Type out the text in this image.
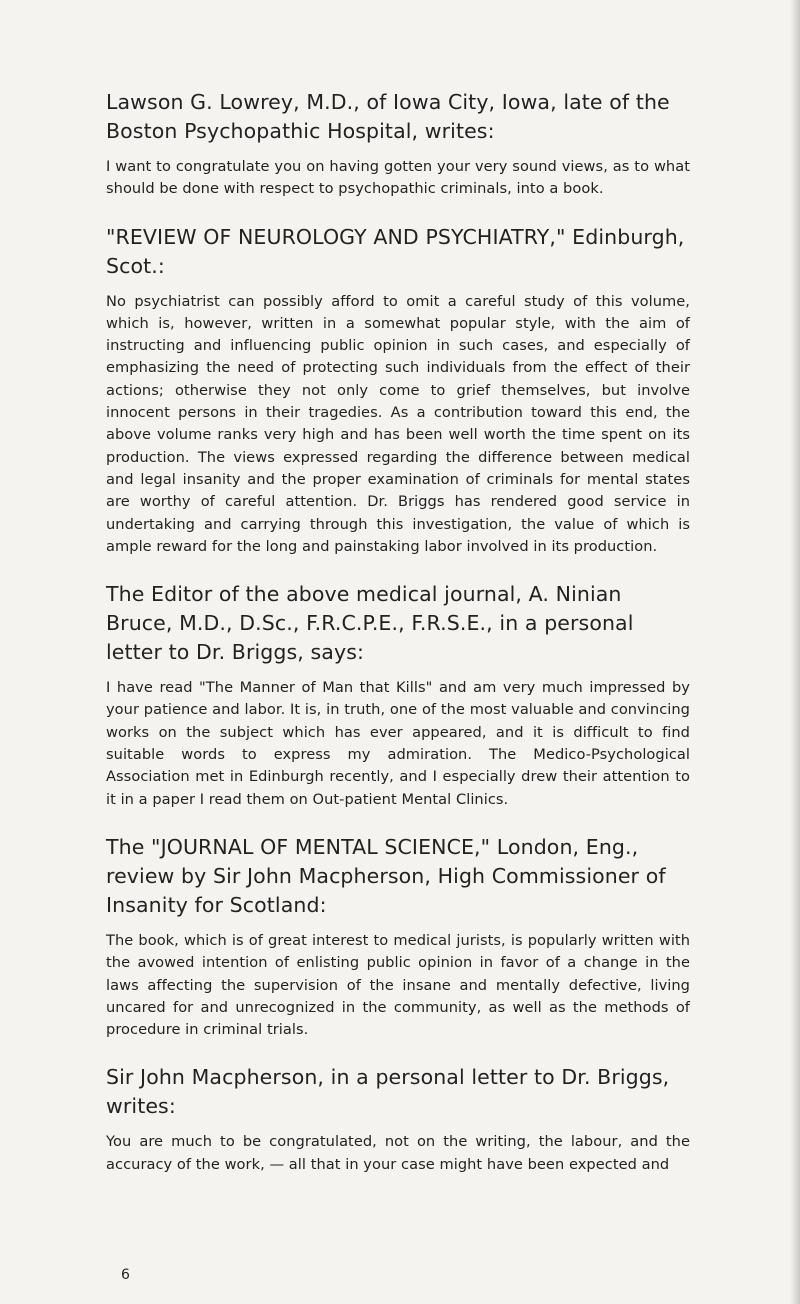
Lawson G. Lowrey, M.D., of Iowa City, Iowa, late of the Boston Psychopathic Hospital, writes:

I want to congratulate you on having gotten your very sound views, as to what should be done with respect to psychopathic criminals, into a book.

"REVIEW OF NEUROLOGY AND PSYCHIATRY," Edinburgh, Scot.:

No psychiatrist can possibly afford to omit a careful study of this volume, which is, however, written in a somewhat popular style, with the aim of instructing and influencing public opinion in such cases, and especially of emphasizing the need of protecting such individuals from the effect of their actions; otherwise they not only come to grief themselves, but involve innocent persons in their tragedies. As a contribution toward this end, the above volume ranks very high and has been well worth the time spent on its production. The views expressed regarding the difference between medical and legal insanity and the proper examination of criminals for mental states are worthy of careful attention. Dr. Briggs has rendered good service in undertaking and carrying through this investigation, the value of which is ample reward for the long and painstaking labor involved in its production.

The Editor of the above medical journal, A. Ninian Bruce, M.D., D.Sc., F.R.C.P.E., F.R.S.E., in a personal letter to Dr. Briggs, says:

I have read "The Manner of Man that Kills" and am very much impressed by your patience and labor. It is, in truth, one of the most valuable and convincing works on the subject which has ever appeared, and it is difficult to find suitable words to express my admiration. The Medico-Psychological Association met in Edinburgh recently, and I especially drew their attention to it in a paper I read them on Out-patient Mental Clinics.

The "JOURNAL OF MENTAL SCIENCE," London, Eng., review by Sir John Macpherson, High Commissioner of Insanity for Scotland:

The book, which is of great interest to medical jurists, is popularly written with the avowed intention of enlisting public opinion in favor of a change in the laws affecting the supervision of the insane and mentally defective, living uncared for and unrecognized in the community, as well as the methods of procedure in criminal trials.

Sir John Macpherson, in a personal letter to Dr. Briggs, writes:

You are much to be congratulated, not on the writing, the labour, and the accuracy of the work, — all that in your case might have been expected and

6
